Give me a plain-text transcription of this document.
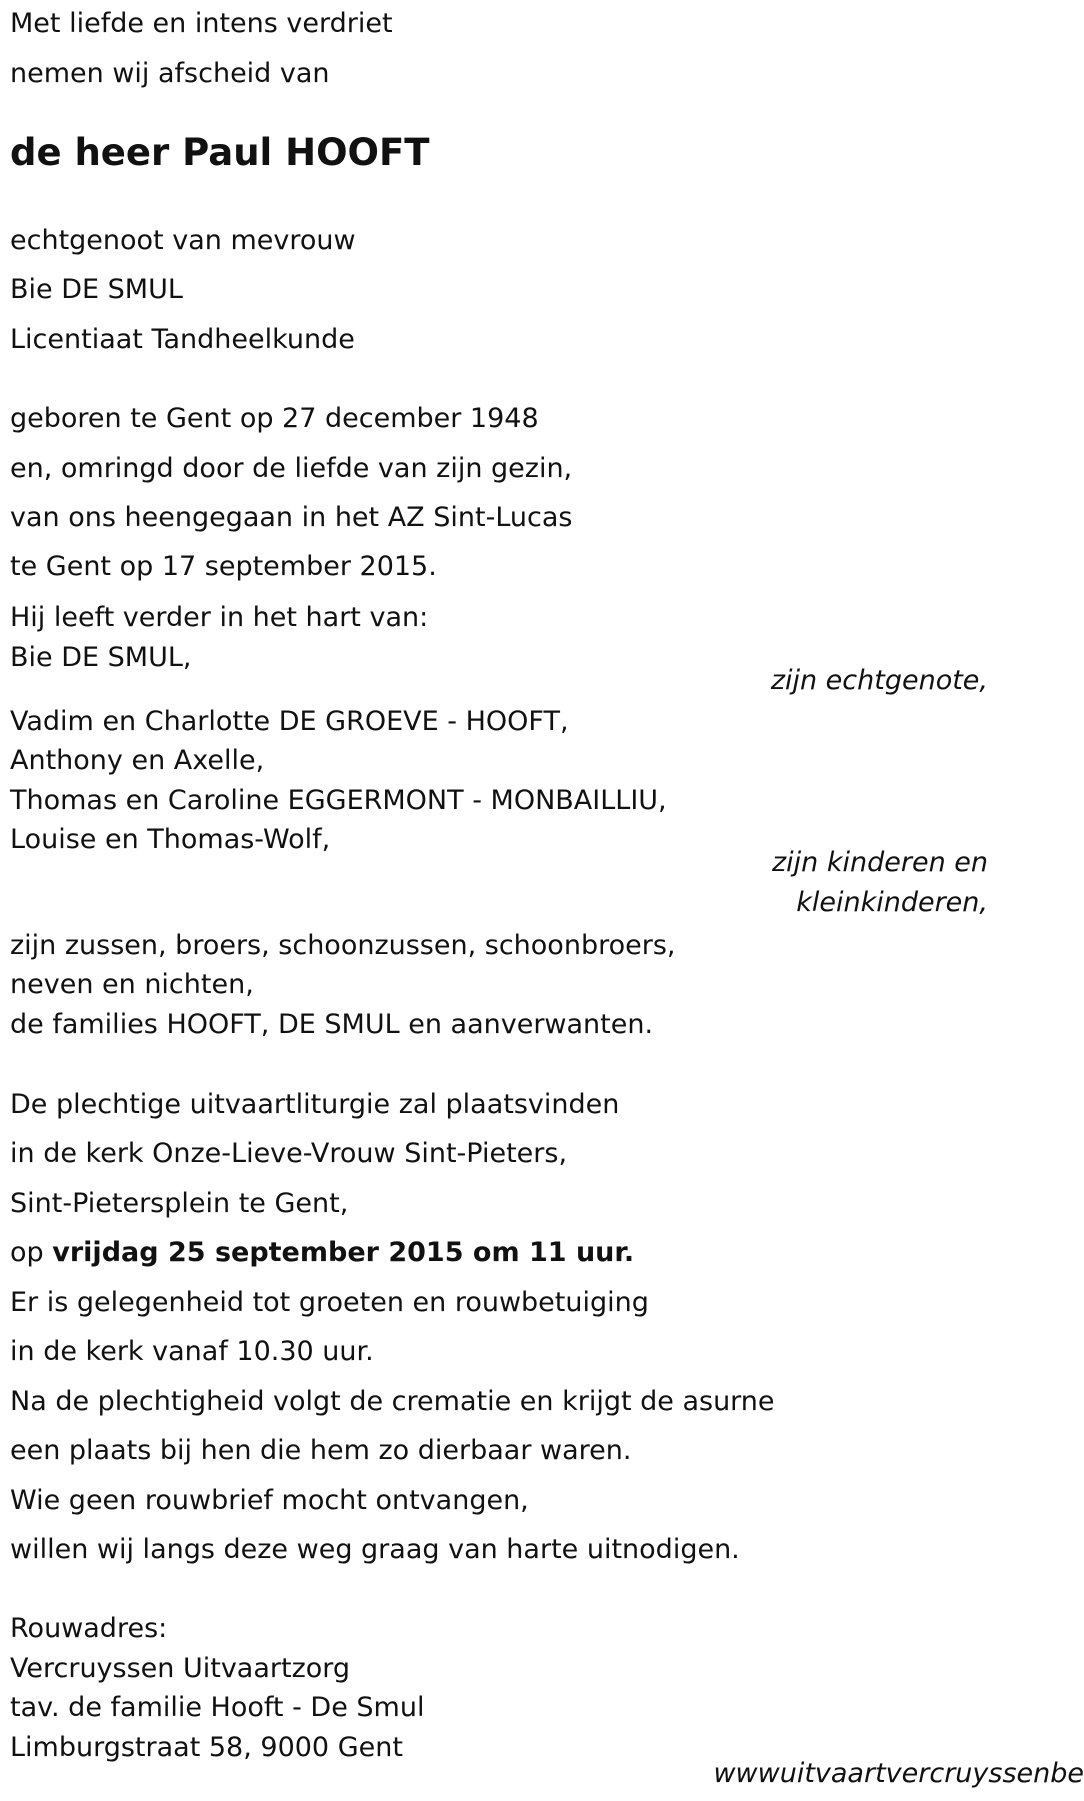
Met liefde en intens verdriet
nemen wij afscheid van
de heer Paul HOOFT
echtgenoot van mevrouw
Bie DE SMUL
Licentiaat Tandheelkunde
geboren te Gent op 27 december 1948
en, omringd door de liefde van zijn gezin,
van ons heengegaan in het AZ Sint-Lucas
te Gent op 17 september 2015.
Hij leeft verder in het hart van:
Bie DE SMUL,
zijn echtgenote,
Vadim en Charlotte DE GROEVE - HOOFT,
Anthony en Axelle,
Thomas en Caroline EGGERMONT - MONBAILLIU,
Louise en Thomas-Wolf,
zijn kinderen en
kleinkinderen,
zijn zussen, broers, schoonzussen, schoonbroers,
neven en nichten,
de families HOOFT, DE SMUL en aanverwanten.
De plechtige uitvaartliturgie zal plaatsvinden
in de kerk Onze-Lieve-Vrouw Sint-Pieters,
Sint-Pietersplein te Gent,
op vrijdag 25 september 2015 om 11 uur.
Er is gelegenheid tot groeten en rouwbetuiging
in de kerk vanaf 10.30 uur.
Na de plechtigheid volgt de crematie en krijgt de asurne
een plaats bij hen die hem zo dierbaar waren.
Wie geen rouwbrief mocht ontvangen,
willen wij langs deze weg graag van harte uitnodigen.
Rouwadres:
Vercruyssen Uitvaartzorg
tav. de familie Hooft - De Smul
Limburgstraat 58, 9000 Gent
wwwuitvaartvercruyssenbe
